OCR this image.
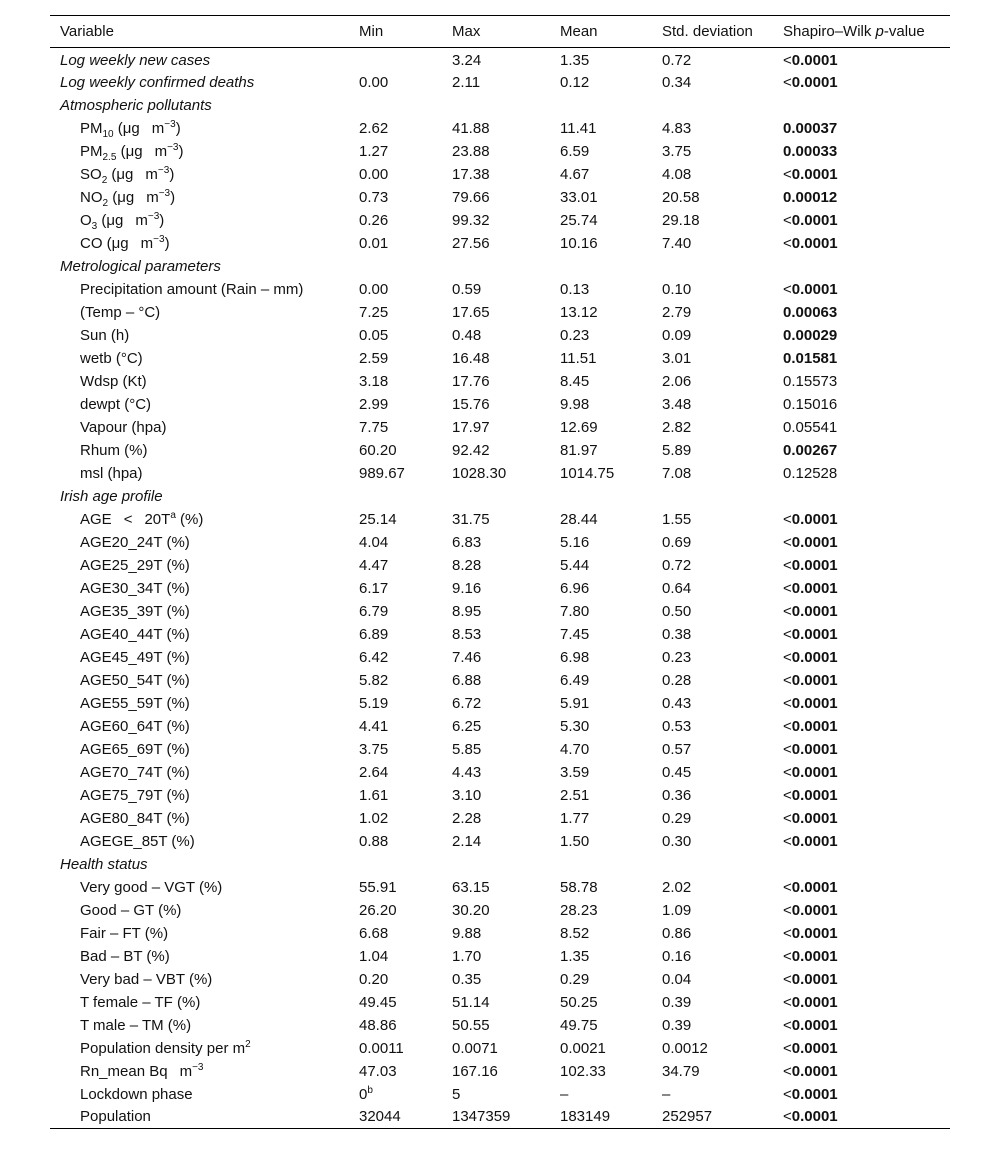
Variable	Min	Max	Mean	Std. deviation	Shapiro–Wilk p-value
Log weekly new cases		3.24	1.35	0.72	<0.0001
Log weekly confirmed deaths	0.00	2.11	0.12	0.34	<0.0001
Atmospheric pollutants					
$PM_{10}$ (μg    $m^{-3}$)	2.62	41.88	11.41	4.83	0.00037
$PM_{2.5}$ (μg    $m^{-3}$)	1.27	23.88	6.59	3.75	0.00033
$SO_2$ (μg    $m^{-3}$)	0.00	17.38	4.67	4.08	<0.0001
$NO_2$ (μg    $m^{-3}$)	0.73	79.66	33.01	20.58	0.00012
$O_3$ (μg    $m^{-3}$)	0.26	99.32	25.74	29.18	<0.0001
CO (μg    $m^{-3}$)	0.01	27.56	10.16	7.40	<0.0001
Metrological parameters					
Precipitation amount (Rain – mm)	0.00	0.59	0.13	0.10	<0.0001
(Temp – °C)	7.25	17.65	13.12	2.79	0.00063
Sun (h)	0.05	0.48	0.23	0.09	0.00029
wetb (°C)	2.59	16.48	11.51	3.01	0.01581
Wdsp (Kt)	3.18	17.76	8.45	2.06	0.15573
dewpt (°C)	2.99	15.76	9.98	3.48	0.15016
Vapour (hpa)	7.75	17.97	12.69	2.82	0.05541
Rhum (%)	60.20	92.42	81.97	5.89	0.00267
msl (hpa)	989.67	1028.30	1014.75	7.08	0.12528
Irish age profile					
AGE    <    $20T^a$ (%)	25.14	31.75	28.44	1.55	<0.0001
AGE20_24T (%)	4.04	6.83	5.16	0.69	<0.0001
AGE25_29T (%)	4.47	8.28	5.44	0.72	<0.0001
AGE30_34T (%)	6.17	9.16	6.96	0.64	<0.0001
AGE35_39T (%)	6.79	8.95	7.80	0.50	<0.0001
AGE40_44T (%)	6.89	8.53	7.45	0.38	<0.0001
AGE45_49T (%)	6.42	7.46	6.98	0.23	<0.0001
AGE50_54T (%)	5.82	6.88	6.49	0.28	<0.0001
AGE55_59T (%)	5.19	6.72	5.91	0.43	<0.0001
AGE60_64T (%)	4.41	6.25	5.30	0.53	<0.0001
AGE65_69T (%)	3.75	5.85	4.70	0.57	<0.0001
AGE70_74T (%)	2.64	4.43	3.59	0.45	<0.0001
AGE75_79T (%)	1.61	3.10	2.51	0.36	<0.0001
AGE80_84T (%)	1.02	2.28	1.77	0.29	<0.0001
AGEGE_85T (%)	0.88	2.14	1.50	0.30	<0.0001
Health status					
Very good – VGT (%)	55.91	63.15	58.78	2.02	<0.0001
Good – GT (%)	26.20	30.20	28.23	1.09	<0.0001
Fair – FT (%)	6.68	9.88	8.52	0.86	<0.0001
Bad – BT (%)	1.04	1.70	1.35	0.16	<0.0001
Very bad – VBT (%)	0.20	0.35	0.29	0.04	<0.0001
T female – TF (%)	49.45	51.14	50.25	0.39	<0.0001
T male – TM (%)	48.86	50.55	49.75	0.39	<0.0001
Population density per $m^2$	0.0011	0.0071	0.0021	0.0012	<0.0001
Rn_mean Bq    $m^{-3}$	47.03	167.16	102.33	34.79	<0.0001
Lockdown phase	0$^b$	5	–	–	<0.0001
Population	32044	1347359	183149	252957	<0.0001
